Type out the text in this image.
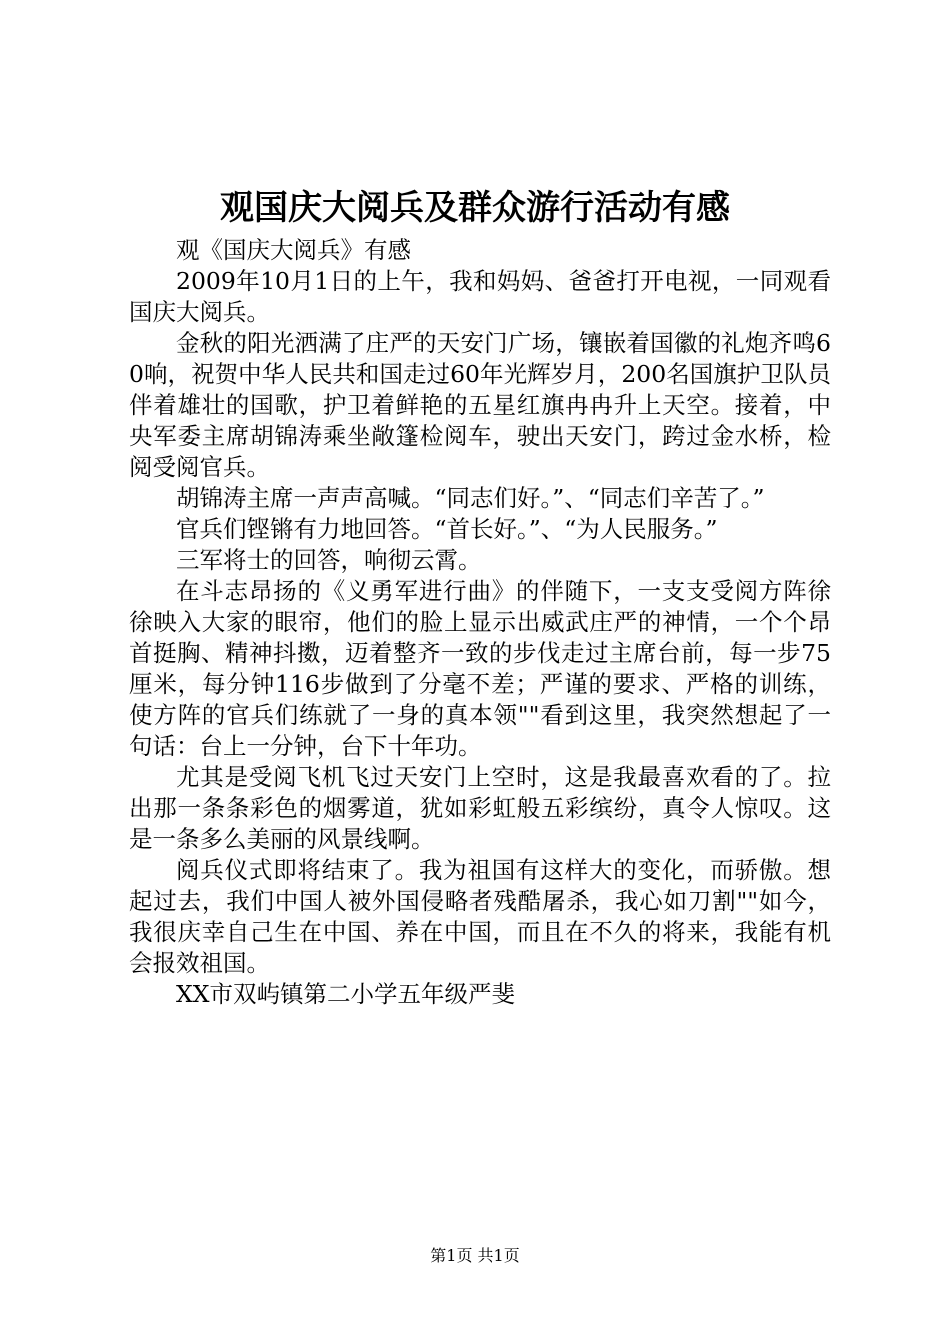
观国庆大阅兵及群众游行活动有感

观《国庆大阅兵》有感

2009年10月1日的上午，我和妈妈、爸爸打开电视，一同观看国庆大阅兵。

金秋的阳光洒满了庄严的天安门广场，镶嵌着国徽的礼炮齐鸣60响，祝贺中华人民共和国走过60年光辉岁月，200名国旗护卫队员伴着雄壮的国歌，护卫着鲜艳的五星红旗冉冉升上天空。接着，中央军委主席胡锦涛乘坐敞篷检阅车，驶出天安门，跨过金水桥，检阅受阅官兵。

胡锦涛主席一声声高喊。“同志们好。”、“同志们辛苦了。”

官兵们铿锵有力地回答。“首长好。”、“为人民服务。”

三军将士的回答，响彻云霄。

在斗志昂扬的《义勇军进行曲》的伴随下，一支支受阅方阵徐徐映入大家的眼帘，他们的脸上显示出威武庄严的神情，一个个昂首挺胸、精神抖擞，迈着整齐一致的步伐走过主席台前，每一步75厘米，每分钟116步做到了分毫不差；严谨的要求、严格的训练，使方阵的官兵们练就了一身的真本领""看到这里，我突然想起了一句话：台上一分钟，台下十年功。

尤其是受阅飞机飞过天安门上空时，这是我最喜欢看的了。拉出那一条条彩色的烟雾道，犹如彩虹般五彩缤纷，真令人惊叹。这是一条多么美丽的风景线啊。

阅兵仪式即将结束了。我为祖国有这样大的变化，而骄傲。想起过去，我们中国人被外国侵略者残酷屠杀，我心如刀割""如今，我很庆幸自己生在中国、养在中国，而且在不久的将来，我能有机会报效祖国。

XX市双屿镇第二小学五年级严斐

第1页 共1页
